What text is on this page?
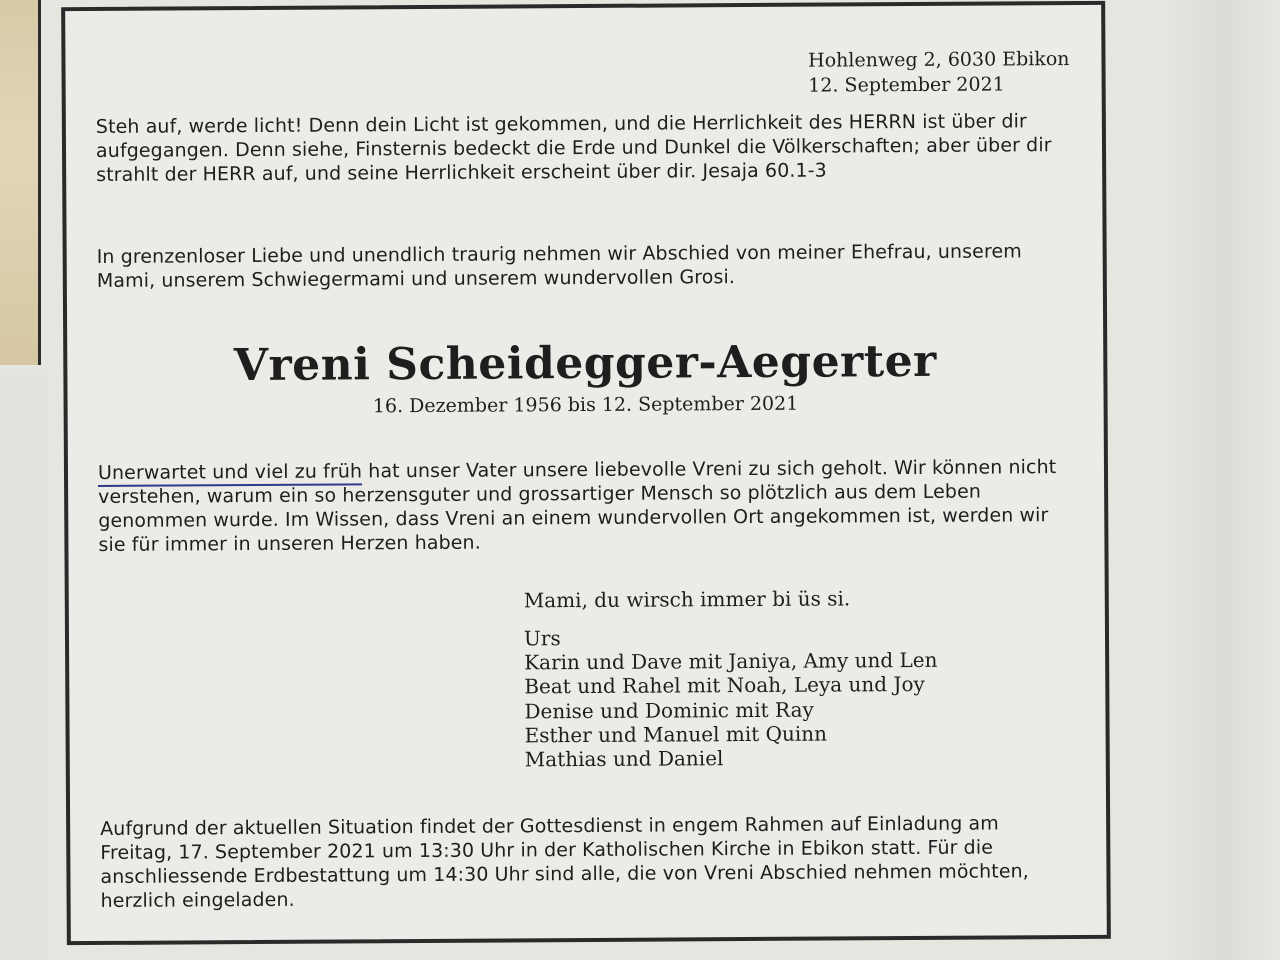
Hohlenweg 2, 6030 Ebikon
12. September 2021
Steh auf, werde licht! Denn dein Licht ist gekommen, und die Herrlichkeit des HERRN ist über dir aufgegangen. Denn siehe, Finsternis bedeckt die Erde und Dunkel die Völkerschaften; aber über dir strahlt der HERR auf, und seine Herrlichkeit erscheint über dir. Jesaja 60.1-3
In grenzenloser Liebe und unendlich traurig nehmen wir Abschied von meiner Ehefrau, unserem Mami, unserem Schwiegermami und unserem wundervollen Grosi.
Vreni Scheidegger-Aegerter
16. Dezember 1956 bis 12. September 2021
Unerwartet und viel zu früh hat unser Vater unsere liebevolle Vreni zu sich geholt. Wir können nicht verstehen, warum ein so herzensguter und grossartiger Mensch so plötzlich aus dem Leben genommen wurde. Im Wissen, dass Vreni an einem wundervollen Ort angekommen ist, werden wir sie für immer in unseren Herzen haben.
Mami, du wirsch immer bi üs si.
Urs
Karin und Dave mit Janiya, Amy und Len
Beat und Rahel mit Noah, Leya und Joy
Denise und Dominic mit Ray
Esther und Manuel mit Quinn
Mathias und Daniel
Aufgrund der aktuellen Situation findet der Gottesdienst in engem Rahmen auf Einladung am Freitag, 17. September 2021 um 13:30 Uhr in der Katholischen Kirche in Ebikon statt. Für die anschliessende Erdbestattung um 14:30 Uhr sind alle, die von Vreni Abschied nehmen möchten, herzlich eingeladen.
